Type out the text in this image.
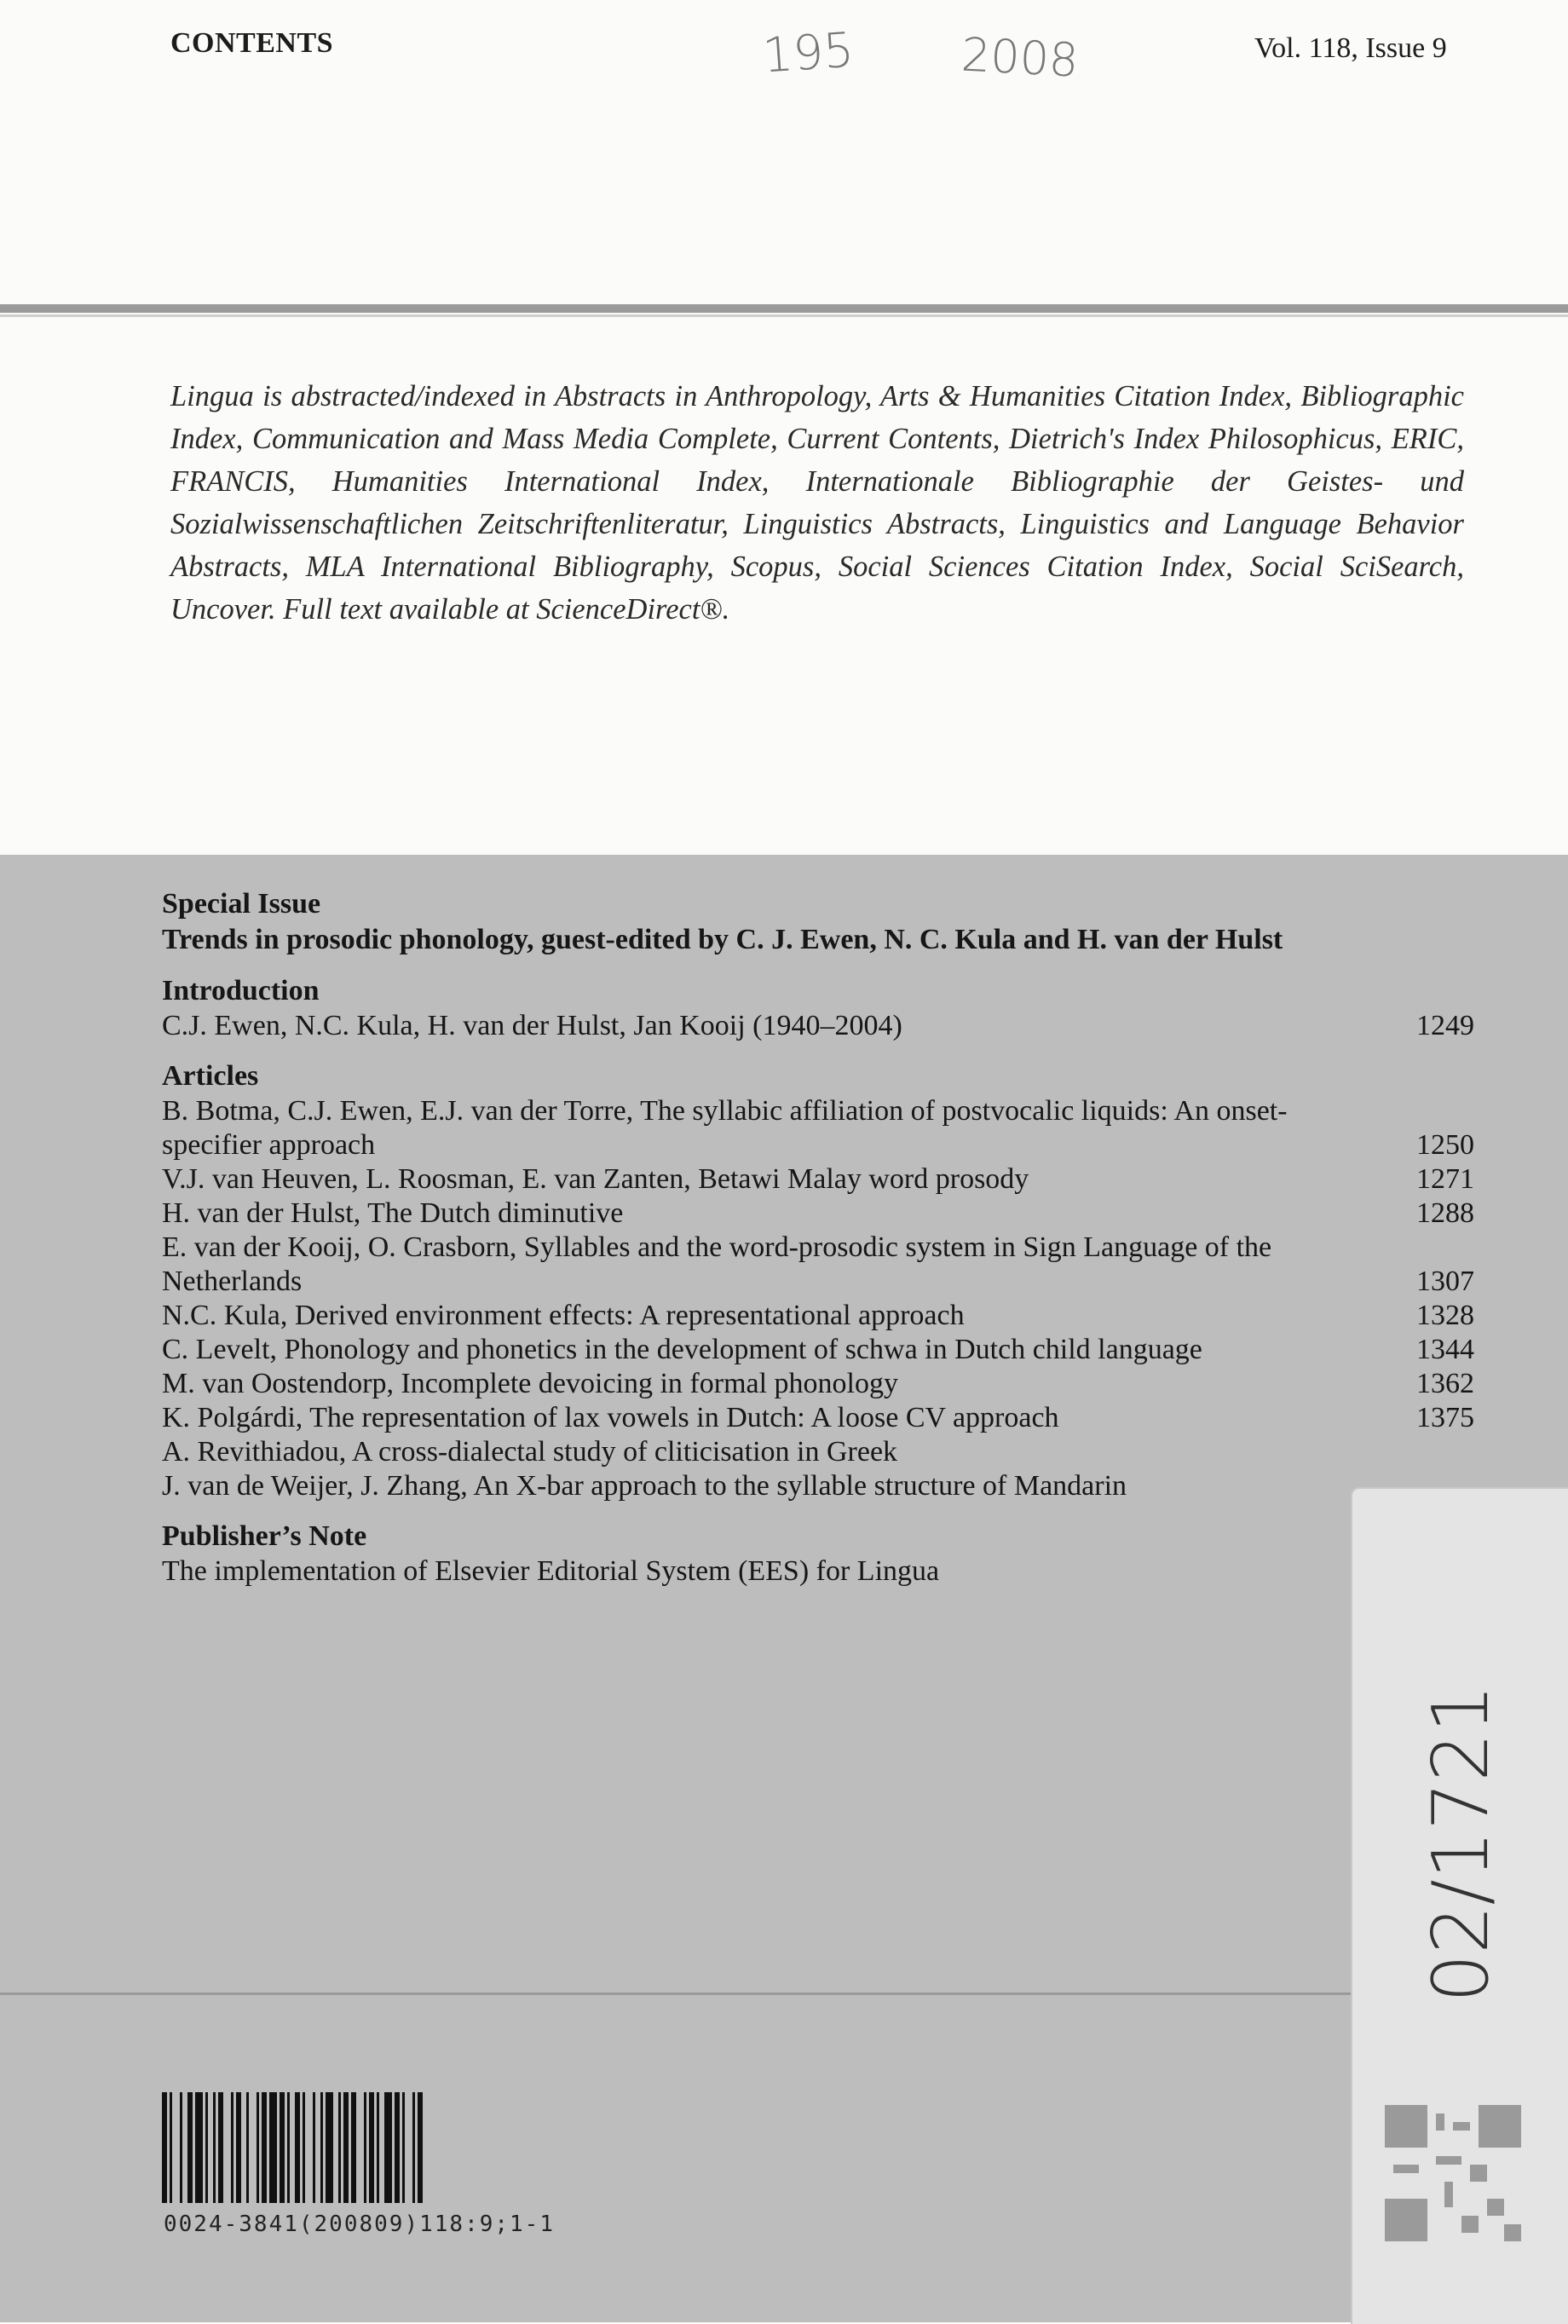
CONTENTS	195 2008	Vol. 118, Issue 9
Lingua is abstracted/indexed in Abstracts in Anthropology, Arts & Humanities Citation Index, Bibliographic Index, Communication and Mass Media Complete, Current Contents, Dietrich's Index Philosophicus, ERIC, FRANCIS, Humanities International Index, Internationale Bibliographie der Geistes- und Sozialwissenschaftlichen Zeitschriftenliteratur, Linguistics Abstracts, Linguistics and Language Behavior Abstracts, MLA International Bibliography, Scopus, Social Sciences Citation Index, Social SciSearch, Uncover. Full text available at ScienceDirect®.
Special Issue
Trends in prosodic phonology, guest-edited by C. J. Ewen, N. C. Kula and H. van der Hulst
Introduction
C.J. Ewen, N.C. Kula, H. van der Hulst, Jan Kooij (1940–2004)	1249
Articles
B. Botma, C.J. Ewen, E.J. van der Torre, The syllabic affiliation of postvocalic liquids: An onset-specifier approach	1250
V.J. van Heuven, L. Roosman, E. van Zanten, Betawi Malay word prosody	1271
H. van der Hulst, The Dutch diminutive	1288
E. van der Kooij, O. Crasborn, Syllables and the word-prosodic system in Sign Language of the Netherlands	1307
N.C. Kula, Derived environment effects: A representational approach	1328
C. Levelt, Phonology and phonetics in the development of schwa in Dutch child language	1344
M. van Oostendorp, Incomplete devoicing in formal phonology	1362
K. Polgárdi, The representation of lax vowels in Dutch: A loose CV approach	1375
A. Revithiadou, A cross-dialectal study of cliticisation in Greek
J. van de Weijer, J. Zhang, An X-bar approach to the syllable structure of Mandarin
Publisher’s Note
The implementation of Elsevier Editorial System (EES) for Lingua
02/1721
0024-3841(200809)118:9;1-1
